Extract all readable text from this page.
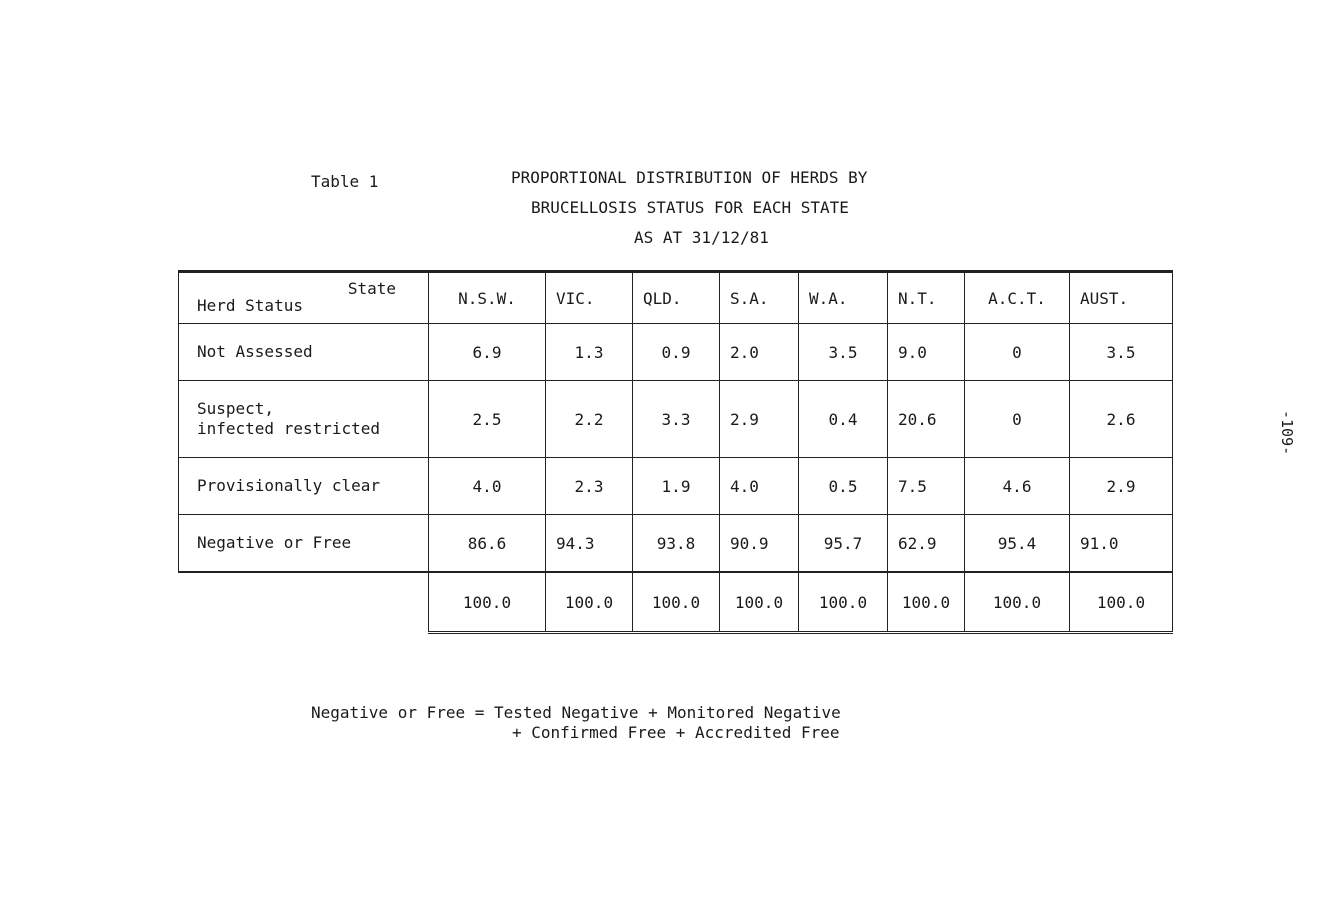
Table 1	PROPORTIONAL DISTRIBUTION OF HERDS BY
BRUCELLOSIS STATUS FOR EACH STATE
AS AT 31/12/81
State
Herd Status	N.S.W.	VIC.	QLD.	S.A.	W.A.	N.T.	A.C.T.	AUST.
Not Assessed	6.9	1.3	0.9	2.0	3.5	9.0	0	3.5
Suspect,
infected restricted	2.5	2.2	3.3	2.9	0.4	20.6	0	2.6
Provisionally clear	4.0	2.3	1.9	4.0	0.5	7.5	4.6	2.9
Negative or Free	86.6	94.3	93.8	90.9	95.7	62.9	95.4	91.0
	100.0	100.0	100.0	100.0	100.0	100.0	100.0	100.0
Negative or Free = Tested Negative + Monitored Negative
+ Confirmed Free + Accredited Free
-109-
